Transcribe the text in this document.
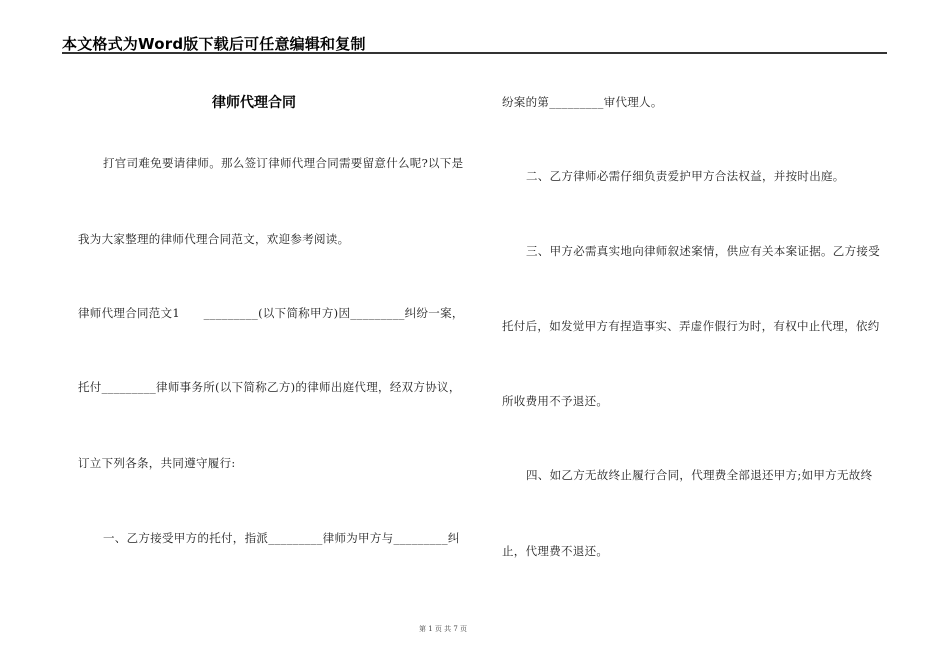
本文格式为Word版下载后可任意编辑和复制
律师代理合同
打官司难免要请律师。那么签订律师代理合同需要留意什么呢?以下是
我为大家整理的律师代理合同范文，欢迎参考阅读。
律师代理合同范文1　　_________(以下简称甲方)因_________纠纷一案，
托付_________律师事务所(以下简称乙方)的律师出庭代理，经双方协议，
订立下列各条，共同遵守履行:
一、乙方接受甲方的托付，指派_________律师为甲方与_________纠
纷案的第_________审代理人。
二、乙方律师必需仔细负责爱护甲方合法权益，并按时出庭。
三、甲方必需真实地向律师叙述案情，供应有关本案证据。乙方接受
托付后，如发觉甲方有捏造事实、弄虚作假行为时，有权中止代理，依约
所收费用不予退还。
四、如乙方无故终止履行合同，代理费全部退还甲方;如甲方无故终
止，代理费不退还。
第 1 页 共 7 页
